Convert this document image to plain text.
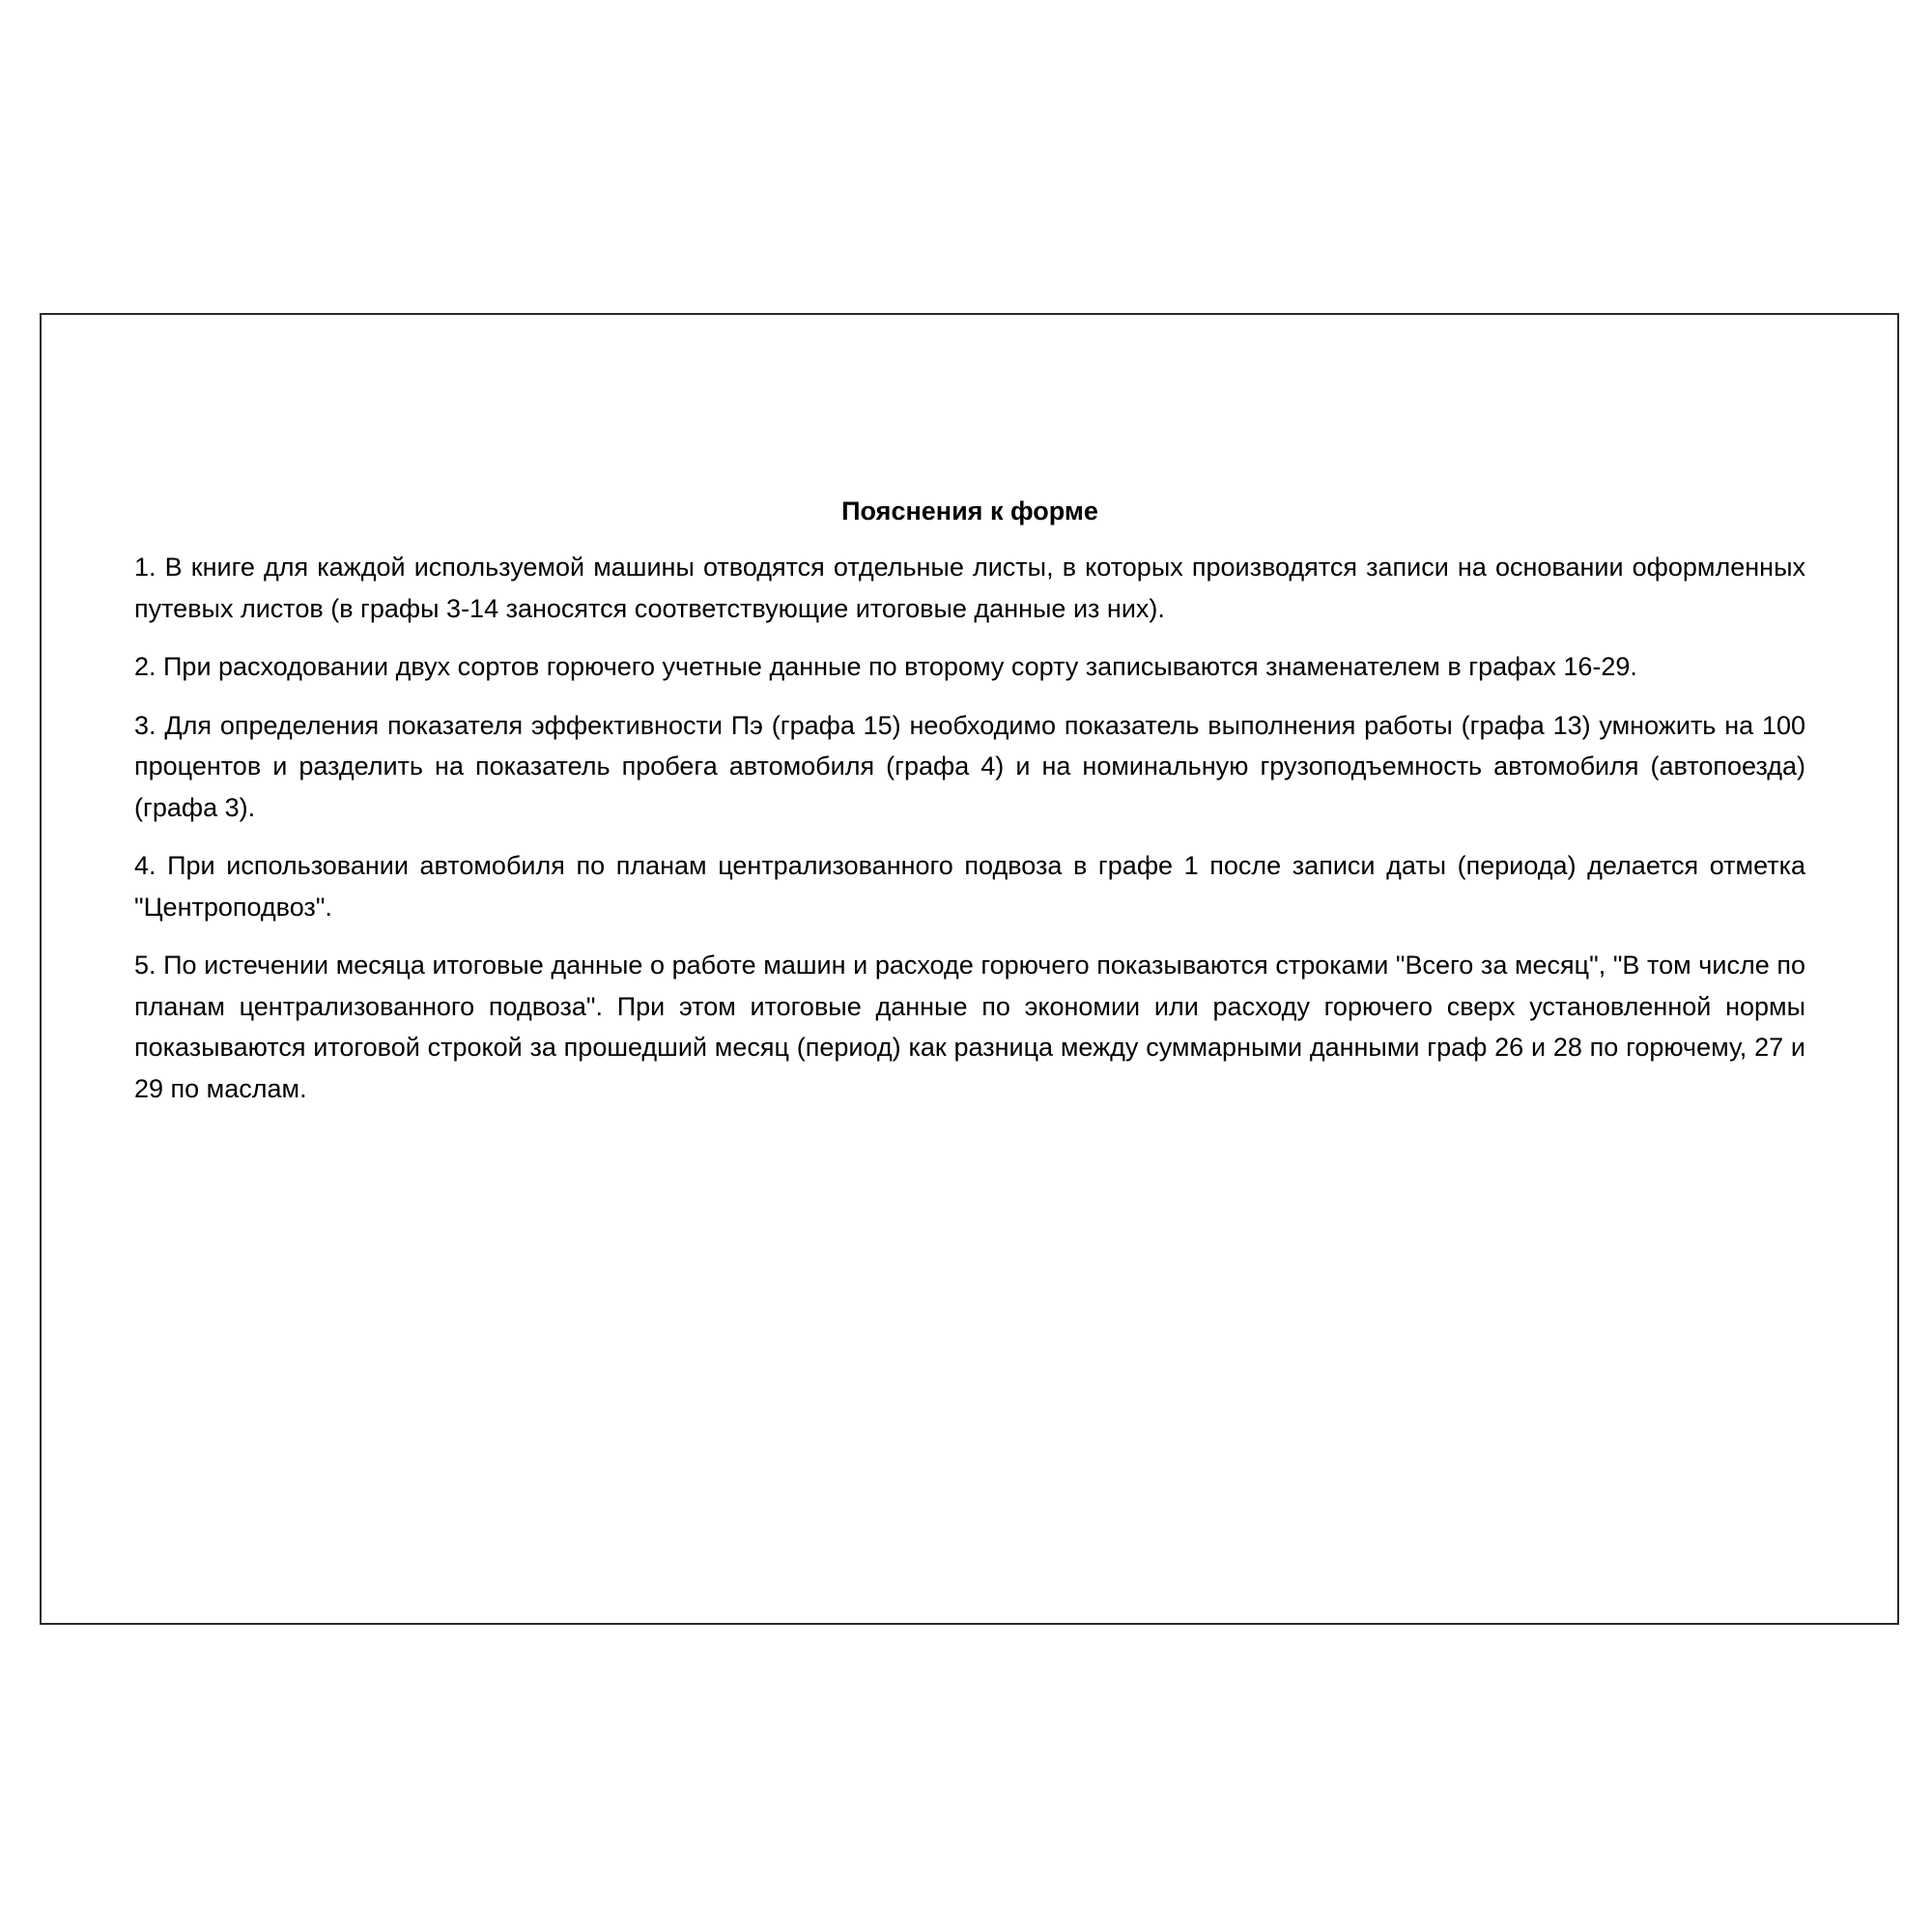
Пояснения к форме

1. В книге для каждой используемой машины отводятся отдельные листы, в которых производятся записи на основании оформленных путевых листов (в графы 3-14 заносятся соответствующие итоговые данные из них).

2. При расходовании двух сортов горючего учетные данные по второму сорту записываются знаменателем в графах 16-29.

3. Для определения показателя эффективности Пэ (графа 15) необходимо показатель выполнения работы (графа 13) умножить на 100 процентов и разделить на показатель пробега автомобиля (графа 4) и на номинальную грузоподъемность автомобиля (автопоезда) (графа 3).

4. При использовании автомобиля по планам централизованного подвоза в графе 1 после записи даты (периода) делается отметка "Центроподвоз".

5. По истечении месяца итоговые данные о работе машин и расходе горючего показываются строками "Всего за месяц", "В том числе по планам централизованного подвоза". При этом итоговые данные по экономии или расходу горючего сверх установленной нормы показываются итоговой строкой за прошедший месяц (период) как разница между суммарными данными граф 26 и 28 по горючему, 27 и 29 по маслам.
